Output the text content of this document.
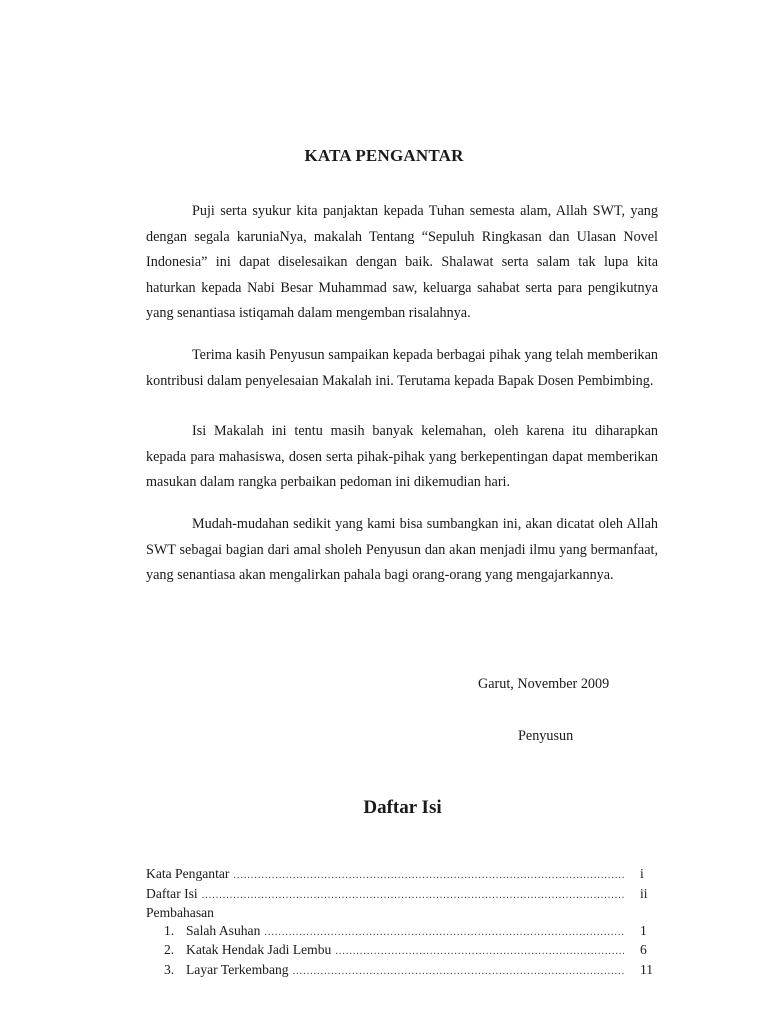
KATA PENGANTAR

Puji serta syukur kita panjaktan kepada Tuhan semesta alam, Allah SWT, yang dengan segala karuniaNya, makalah Tentang “Sepuluh Ringkasan dan Ulasan Novel Indonesia” ini dapat diselesaikan dengan baik. Shalawat serta salam tak lupa kita haturkan kepada Nabi Besar Muhammad saw, keluarga sahabat serta para pengikutnya yang senantiasa istiqamah dalam mengemban risalahnya.

Terima kasih Penyusun sampaikan kepada berbagai pihak yang telah memberikan kontribusi dalam penyelesaian Makalah ini. Terutama kepada Bapak Dosen Pembimbing.

Isi Makalah ini tentu masih banyak kelemahan, oleh karena itu diharapkan kepada para mahasiswa, dosen serta pihak-pihak yang berkepentingan dapat memberikan masukan dalam rangka perbaikan pedoman ini dikemudian hari.

Mudah-mudahan sedikit yang kami bisa sumbangkan ini, akan dicatat oleh Allah SWT sebagai bagian dari amal sholeh Penyusun dan akan menjadi ilmu yang bermanfaat, yang senantiasa akan mengalirkan pahala bagi orang-orang yang mengajarkannya.

Garut, November 2009

Penyusun

Daftar Isi
Kata Pengantar .....	i
Daftar Isi .....	ii
Pembahasan
1. Salah Asuhan .....	1
2. Katak Hendak Jadi Lembu .....	6
3. Layar Terkembang .....	11
